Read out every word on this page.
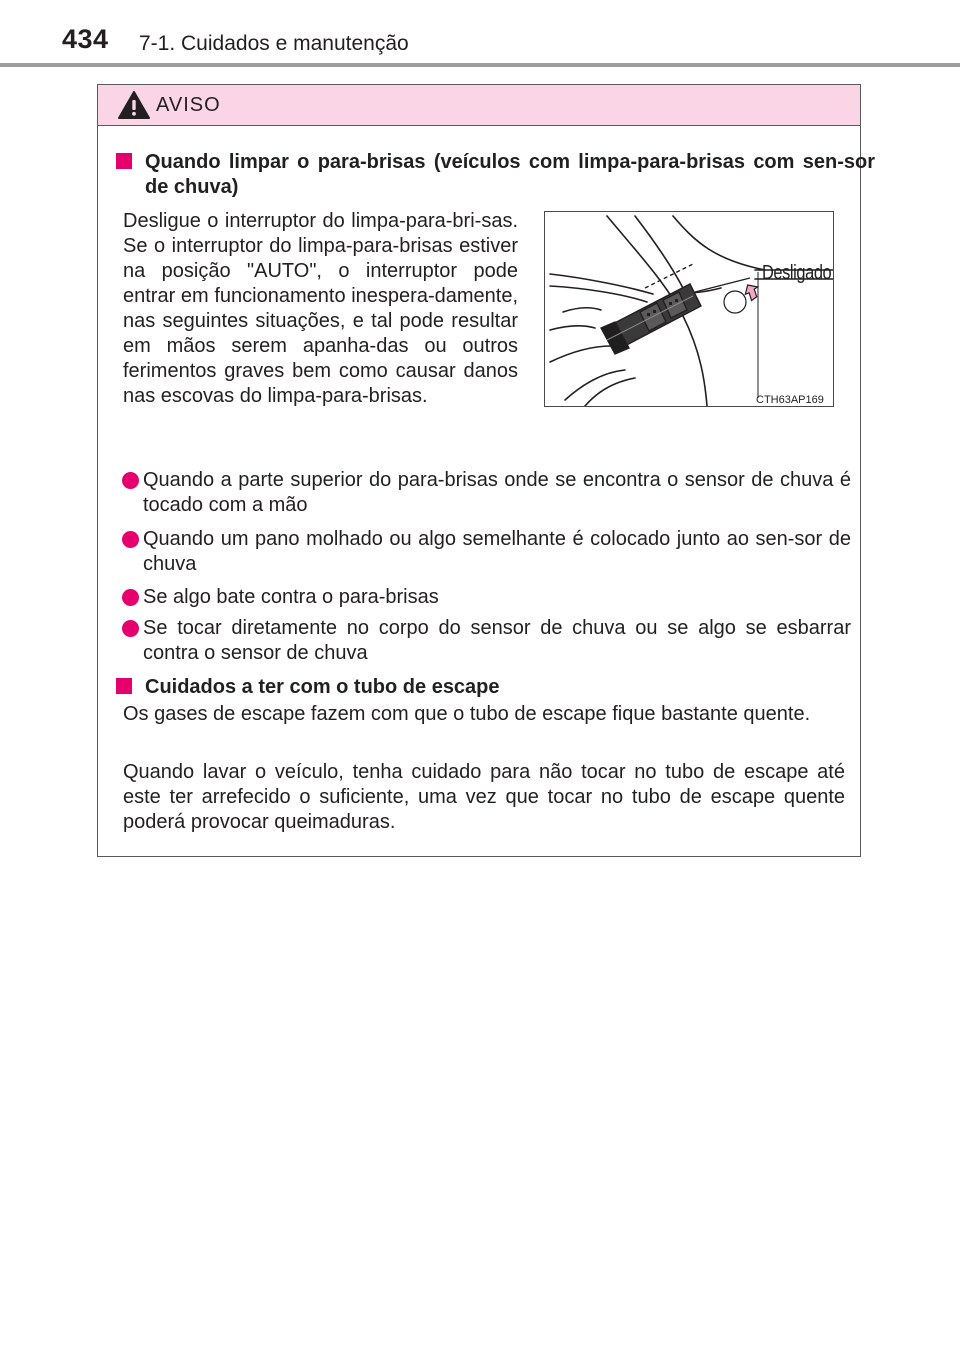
434 7-1. Cuidados e manutenção
AVISO
Quando limpar o para-brisas (veículos com limpa-para-brisas com sen-sor de chuva)
Desligue o interruptor do limpa-para-bri-sas. Se o interruptor do limpa-para-brisas estiver na posição "AUTO", o interruptor pode entrar em funcionamento inespera-damente, nas seguintes situações, e tal pode resultar em mãos serem apanha-das ou outros ferimentos graves bem como causar danos nas escovas do limpa-para-brisas.
Desligado
CTH63AP169
Quando a parte superior do para-brisas onde se encontra o sensor de chuva é tocado com a mão
Quando um pano molhado ou algo semelhante é colocado junto ao sen-sor de chuva
Se algo bate contra o para-brisas
Se tocar diretamente no corpo do sensor de chuva ou se algo se esbarrar contra o sensor de chuva
Cuidados a ter com o tubo de escape
Os gases de escape fazem com que o tubo de escape fique bastante quente.
Quando lavar o veículo, tenha cuidado para não tocar no tubo de escape até este ter arrefecido o suficiente, uma vez que tocar no tubo de escape quente poderá provocar queimaduras.
